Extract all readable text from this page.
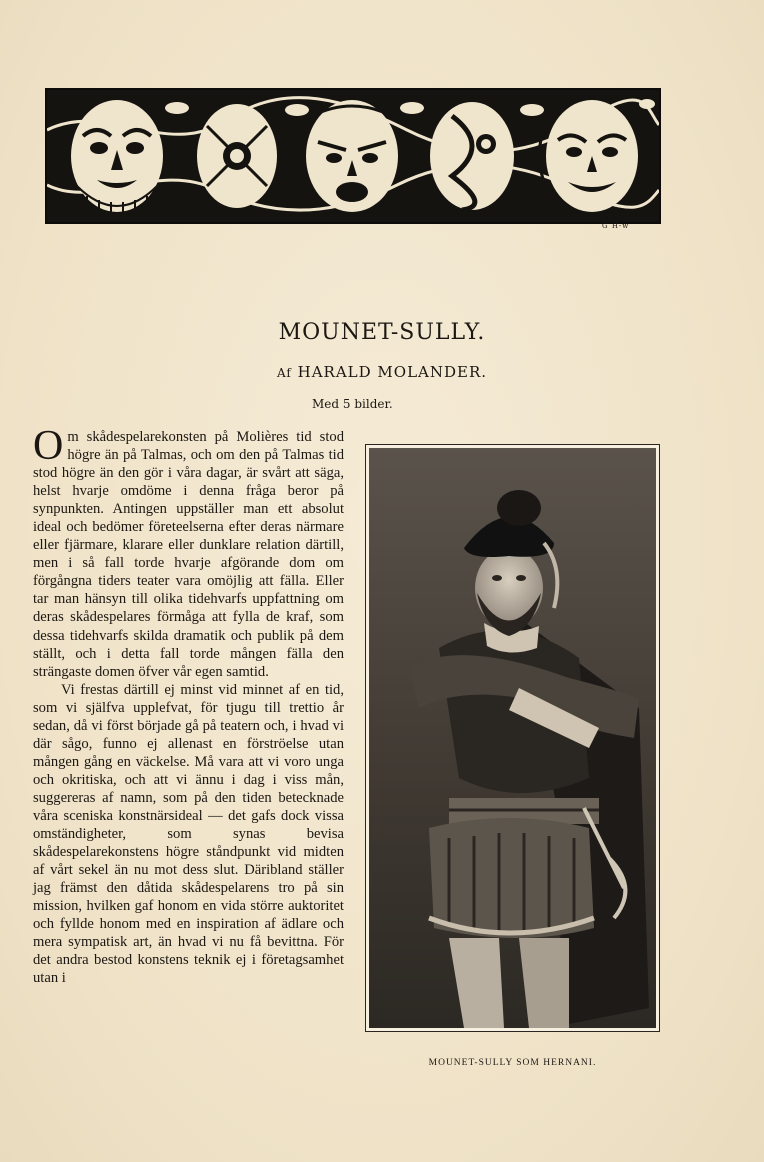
G H-w
MOUNET-SULLY.
Af HARALD MOLANDER.
Med 5 bilder.

Om skådespelarekonsten på Molières tid stod högre än på Talmas, och om den på Talmas tid stod högre än den gör i våra dagar, är svårt att säga, helst hvarje omdöme i denna fråga beror på synpunkten. Antingen uppställer man ett absolut ideal och bedömer företeelserna efter deras närmare eller fjärmare, klarare eller dunklare relation därtill, men i så fall torde hvarje afgörande dom om förgångna tiders teater vara omöjlig att fälla. Eller tar man hänsyn till olika tidehvarfs uppfattning om deras skådespelares förmåga att fylla de kraf, som dessa tidehvarfs skilda dramatik och publik på dem ställt, och i detta fall torde mången fälla den strängaste domen öfver vår egen samtid.

Vi frestas därtill ej minst vid minnet af en tid, som vi själfva upplefvat, för tjugu till trettio år sedan, då vi först började gå på teatern och, i hvad vi där sågo, funno ej allenast en förströelse utan mången gång en väckelse. Må vara att vi voro unga och okritiska, och att vi ännu i dag i viss mån, suggereras af namn, som på den tiden betecknade våra sceniska konstnärsideal — det gafs dock vissa omständigheter, som synas bevisa skådespelarekonstens högre ståndpunkt vid midten af vårt sekel än nu mot dess slut. Däribland ställer jag främst den dåtida skådespelarens tro på sin mission, hvilken gaf honom en vida större auktoritet och fyllde honom med en inspiration af ädlare och mera sympatisk art, än hvad vi nu få bevittna. För det andra bestod konstens teknik ej i företagsamhet utan i

MOUNET-SULLY SOM HERNANI.
